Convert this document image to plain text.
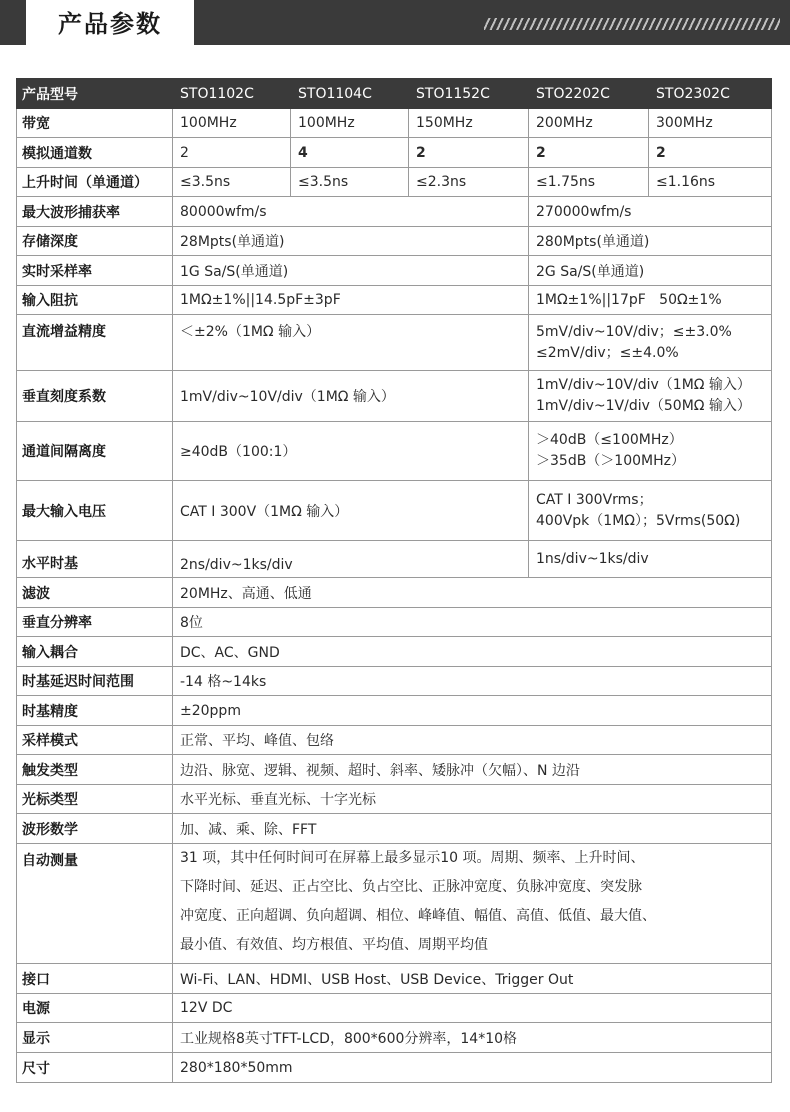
产品参数
产品型号	STO1102C	STO1104C	STO1152C	STO2202C	STO2302C
带宽	100MHz	100MHz	150MHz	200MHz	300MHz
模拟通道数	2	4	2	2	2
上升时间（单通道）	≤3.5ns	≤3.5ns	≤2.3ns	≤1.75ns	≤1.16ns
最大波形捕获率	80000wfm/s			270000wfm/s	
存储深度	28Mpts(单通道)			280Mpts(单通道)	
实时采样率	1G Sa/S(单通道)			2G Sa/S(单通道)	
输入阻抗	1MΩ±1%||14.5pF±3pF			1MΩ±1%||17pF   50Ω±1%	
直流增益精度	＜±2%（1MΩ 输入）			5mV/div~10V/div；≤±3.0%
≤2mV/div；≤±4.0%	

垂直刻度系数	1mV/div~10V/div（1MΩ 输入）			1mV/div~10V/div（1MΩ 输入）
1mV/div~1V/div（50MΩ 输入）	

通道间隔离度	≥40dB（100:1）			＞40dB（≤100MHz）
＞35dB（＞100MHz）	

最大输入电压	CAT I 300V（1MΩ 输入）			CAT I 300Vrms；
400Vpk（1MΩ）；5Vrms(50Ω)	

水平时基	2ns/div~1ks/div			1ns/div~1ks/div	
滤波	20MHz、高通、低通				
垂直分辨率	8位				
输入耦合	DC、AC、GND				
时基延迟时间范围	-14 格~14ks				
时基精度	±20ppm				
采样模式	正常、平均、峰值、包络				
触发类型	边沿、脉宽、逻辑、视频、超时、斜率、矮脉冲（欠幅）、N 边沿				
光标类型	水平光标、垂直光标、十字光标				
波形数学	加、减、乘、除、FFT				
自动测量	31 项，其中任何时间可在屏幕上最多显示10 项。周期、频率、上升时间、
下降时间、延迟、正占空比、负占空比、正脉冲宽度、负脉冲宽度、突发脉
冲宽度、正向超调、负向超调、相位、峰峰值、幅值、高值、低值、最大值、
最小值、有效值、均方根值、平均值、周期平均值				

接口	Wi-Fi、LAN、HDMI、USB Host、USB Device、Trigger Out				
电源	12V DC				
显示	工业规格8英寸TFT-LCD，800*600分辨率，14*10格				
尺寸	280*180*50mm				
